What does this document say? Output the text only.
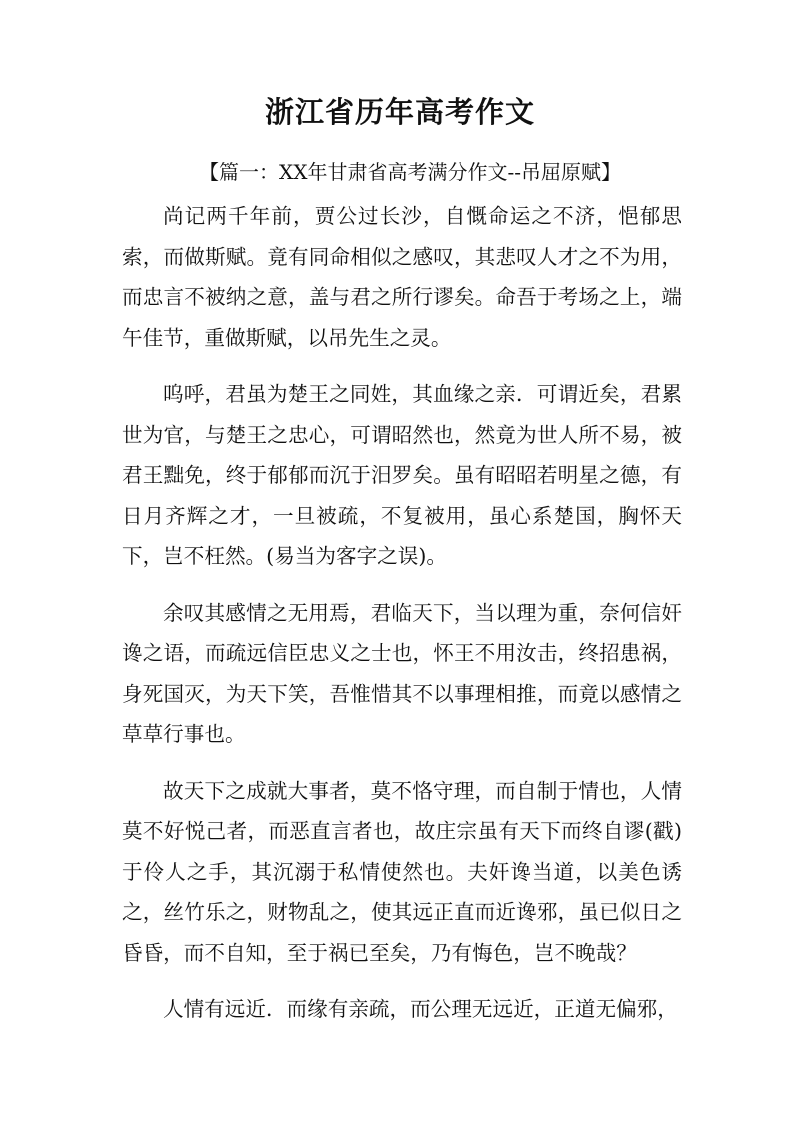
浙江省历年高考作文
【篇一：XX年甘肃省高考满分作文--吊屈原赋】

尚记两千年前，贾公过长沙，自慨命运之不济，悒郁思索，而做斯赋。竟有同命相似之感叹，其悲叹人才之不为用，而忠言不被纳之意，盖与君之所行谬矣。命吾于考场之上，端午佳节，重做斯赋，以吊先生之灵。

呜呼，君虽为楚王之同姓，其血缘之亲．可谓近矣，君累世为官，与楚王之忠心，可谓昭然也，然竟为世人所不易，被君王黜免，终于郁郁而沉于汨罗矣。虽有昭昭若明星之德，有日月齐辉之才，一旦被疏，不复被用，虽心系楚国，胸怀天下，岂不枉然。(易当为客字之误)。

余叹其感情之无用焉，君临天下，当以理为重，奈何信奸谗之语，而疏远信臣忠义之士也，怀王不用汝击，终招患祸，身死国灭，为天下笑，吾惟惜其不以事理相推，而竟以感情之草草行事也。

故天下之成就大事者，莫不恪守理，而自制于情也，人情莫不好悦己者，而恶直言者也，故庄宗虽有天下而终自谬(戳)于伶人之手，其沉溺于私情使然也。夫奸谗当道，以美色诱之，丝竹乐之，财物乱之，使其远正直而近谗邪，虽已似日之昏昏，而不自知，至于祸已至矣，乃有悔色，岂不晚哉？

人情有远近．而缘有亲疏，而公理无远近，正道无偏邪，
